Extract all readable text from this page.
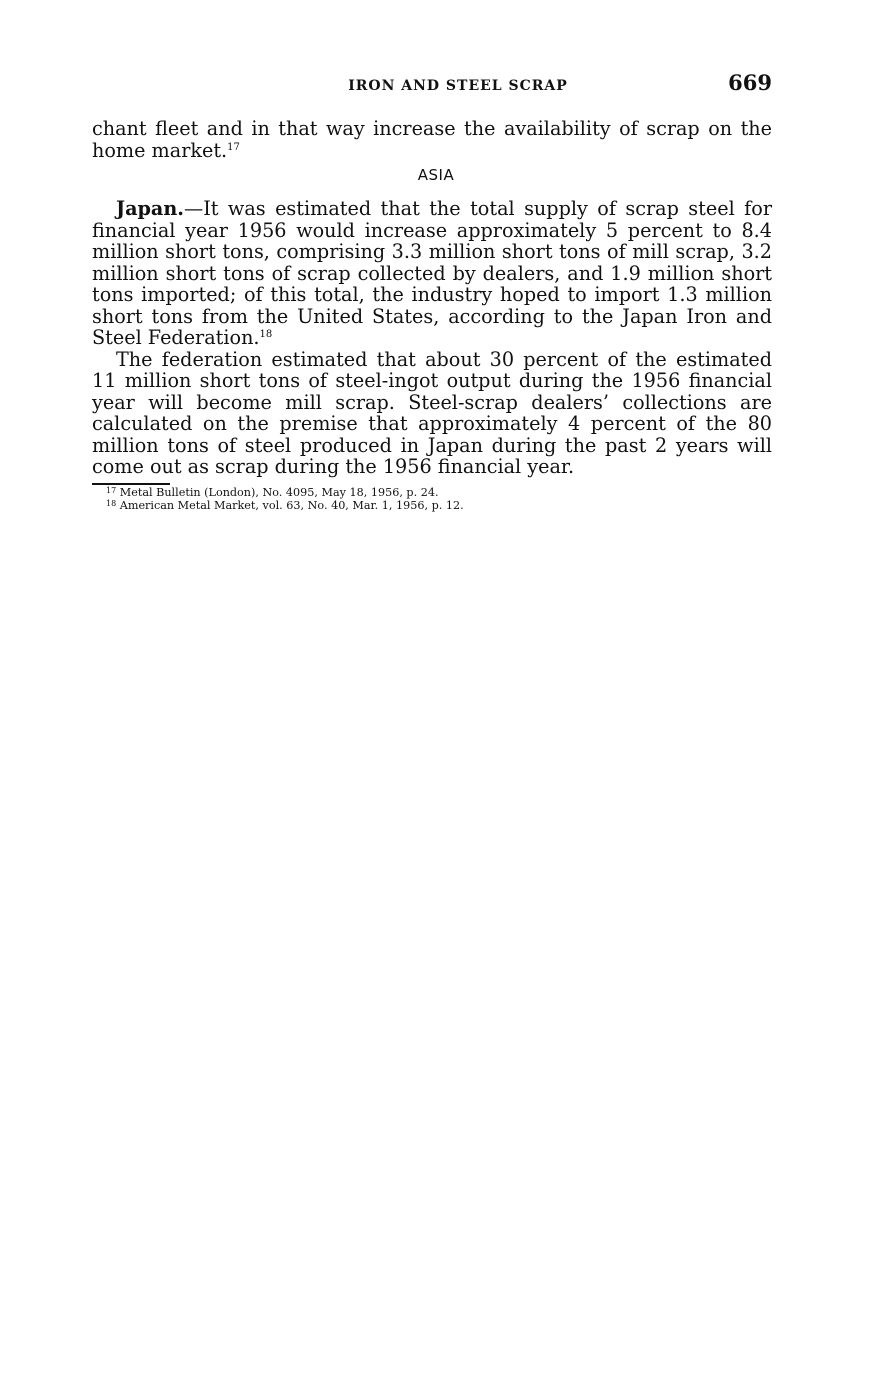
IRON AND STEEL SCRAP	669

chant fleet and in that way increase the availability of scrap on the home market.$^{17}$

ASIA

Japan.—It was estimated that the total supply of scrap steel for financial year 1956 would increase approximately 5 percent to 8.4 million short tons, comprising 3.3 million short tons of mill scrap, 3.2 million short tons of scrap collected by dealers, and 1.9 million short tons imported; of this total, the industry hoped to import 1.3 million short tons from the United States, according to the Japan Iron and Steel Federation.$^{18}$

The federation estimated that about 30 percent of the estimated 11 million short tons of steel-ingot output during the 1956 financial year will become mill scrap. Steel-scrap dealers’ collections are calculated on the premise that approximately 4 percent of the 80 million tons of steel produced in Japan during the past 2 years will come out as scrap during the 1956 financial year.

$^{17}$ Metal Bulletin (London), No. 4095, May 18, 1956, p. 24.
$^{18}$ American Metal Market, vol. 63, No. 40, Mar. 1, 1956, p. 12.
